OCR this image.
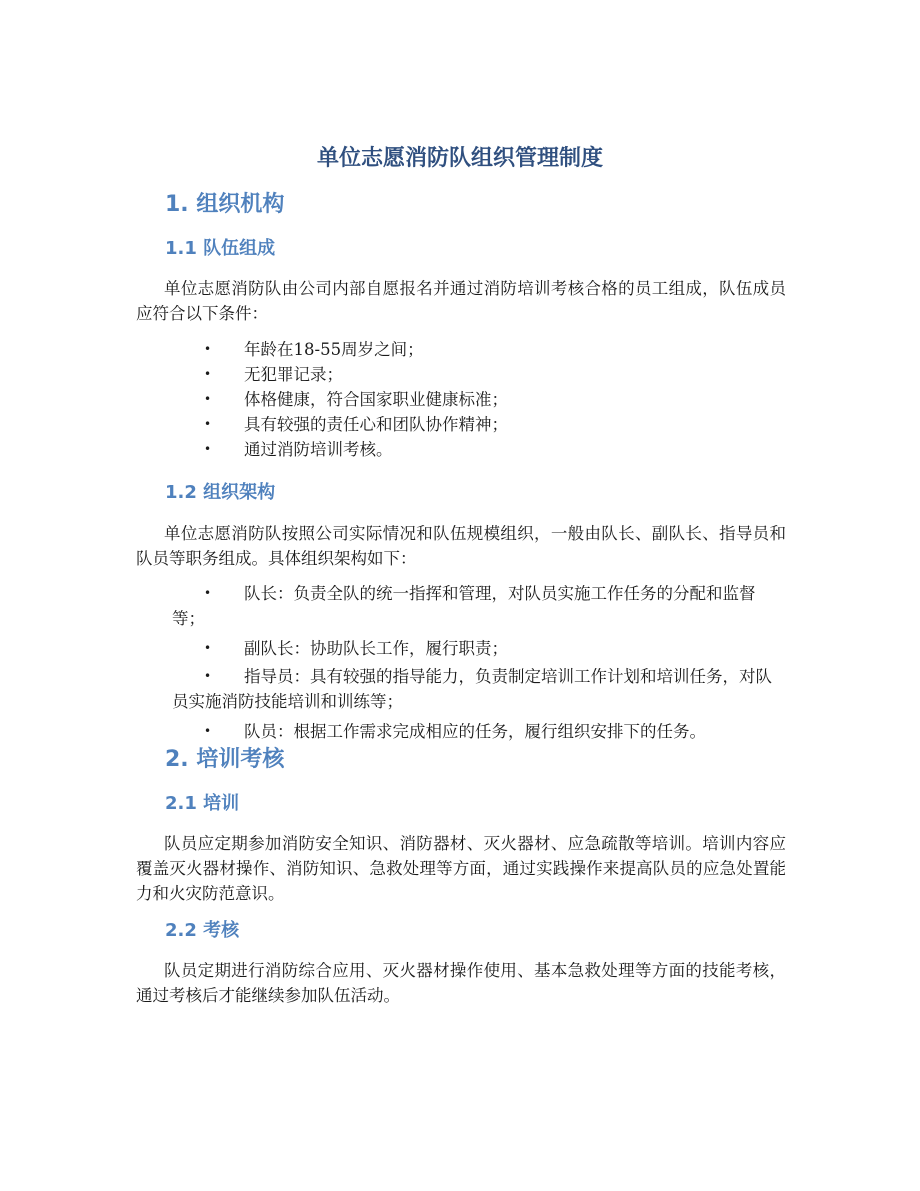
单位志愿消防队组织管理制度
1. 组织机构
1.1 队伍组成

单位志愿消防队由公司内部自愿报名并通过消防培训考核合格的员工组成，队伍成员应符合以下条件：

• 年龄在18-55周岁之间；
• 无犯罪记录；
• 体格健康，符合国家职业健康标准；
• 具有较强的责任心和团队协作精神；
• 通过消防培训考核。
1.2 组织架构

单位志愿消防队按照公司实际情况和队伍规模组织，一般由队长、副队长、指导员和队员等职务组成。具体组织架构如下：

• 队长：负责全队的统一指挥和管理，对队员实施工作任务的分配和监督等；
• 副队长：协助队长工作，履行职责；
• 指导员：具有较强的指导能力，负责制定培训工作计划和培训任务，对队员实施消防技能培训和训练等；
• 队员：根据工作需求完成相应的任务，履行组织安排下的任务。
2. 培训考核
2.1 培训

队员应定期参加消防安全知识、消防器材、灭火器材、应急疏散等培训。培训内容应覆盖灭火器材操作、消防知识、急救处理等方面，通过实践操作来提高队员的应急处置能力和火灾防范意识。

2.2 考核

队员定期进行消防综合应用、灭火器材操作使用、基本急救处理等方面的技能考核，通过考核后才能继续参加队伍活动。
